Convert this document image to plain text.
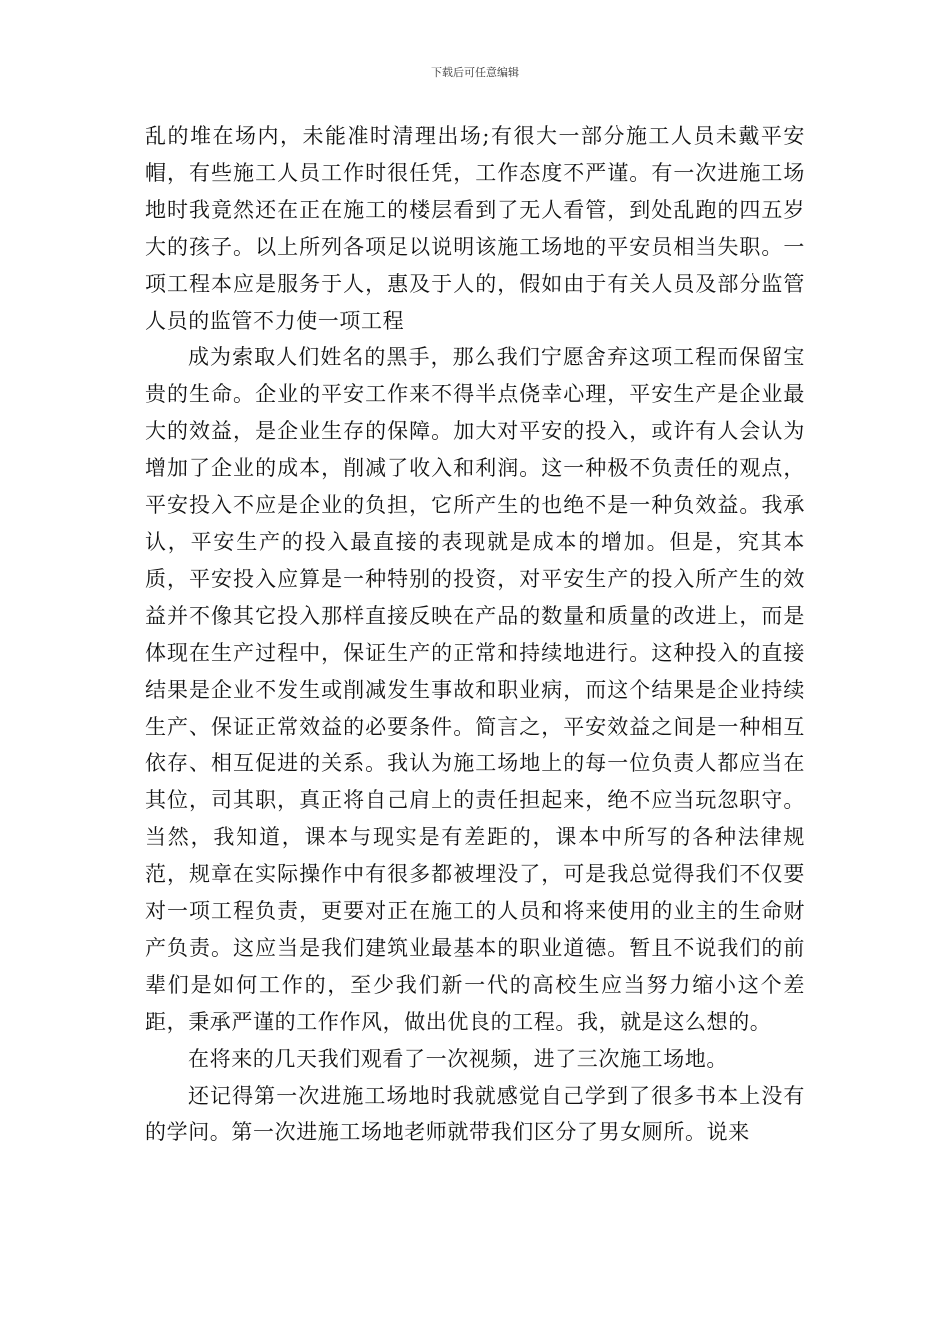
下载后可任意编辑

乱的堆在场内，未能准时清理出场;有很大一部分施工人员未戴平安帽，有些施工人员工作时很任凭，工作态度不严谨。有一次进施工场地时我竟然还在正在施工的楼层看到了无人看管，到处乱跑的四五岁大的孩子。以上所列各项足以说明该施工场地的平安员相当失职。一项工程本应是服务于人，惠及于人的，假如由于有关人员及部分监管人员的监管不力使一项工程

成为索取人们姓名的黑手，那么我们宁愿舍弃这项工程而保留宝贵的生命。企业的平安工作来不得半点侥幸心理，平安生产是企业最大的效益，是企业生存的保障。加大对平安的投入，或许有人会认为增加了企业的成本，削减了收入和利润。这一种极不负责任的观点，平安投入不应是企业的负担，它所产生的也绝不是一种负效益。我承认，平安生产的投入最直接的表现就是成本的增加。但是，究其本质，平安投入应算是一种特别的投资，对平安生产的投入所产生的效益并不像其它投入那样直接反映在产品的数量和质量的改进上，而是体现在生产过程中，保证生产的正常和持续地进行。这种投入的直接结果是企业不发生或削减发生事故和职业病，而这个结果是企业持续生产、保证正常效益的必要条件。简言之，平安效益之间是一种相互依存、相互促进的关系。我认为施工场地上的每一位负责人都应当在其位，司其职，真正将自己肩上的责任担起来，绝不应当玩忽职守。当然，我知道，课本与现实是有差距的，课本中所写的各种法律规范，规章在实际操作中有很多都被埋没了，可是我总觉得我们不仅要对一项工程负责，更要对正在施工的人员和将来使用的业主的生命财产负责。这应当是我们建筑业最基本的职业道德。暂且不说我们的前辈们是如何工作的，至少我们新一代的高校生应当努力缩小这个差距，秉承严谨的工作作风，做出优良的工程。我，就是这么想的。

在将来的几天我们观看了一次视频，进了三次施工场地。

还记得第一次进施工场地时我就感觉自己学到了很多书本上没有的学问。第一次进施工场地老师就带我们区分了男女厕所。说来
